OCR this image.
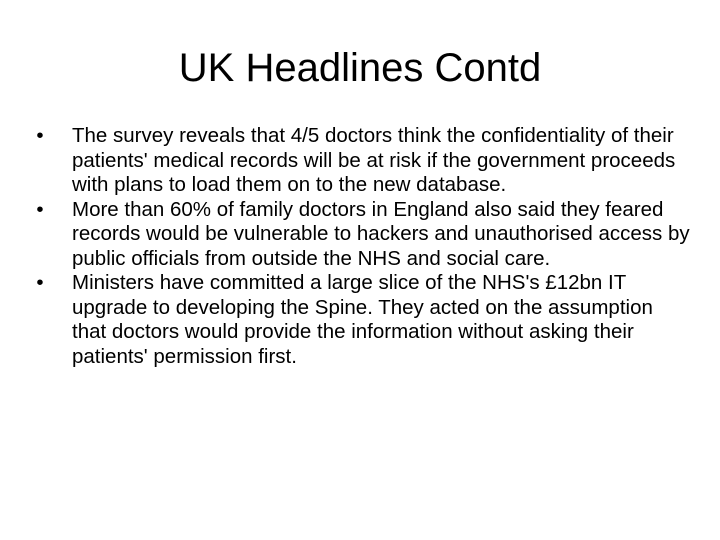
UK Headlines Contd
•	The survey reveals that 4/5 doctors think the confidentiality of their patients' medical records will be at risk if the government proceeds with plans to load them on to the new database.
•	More than 60% of family doctors in England also said they feared records would be vulnerable to hackers and unauthorised access by public officials from outside the NHS and social care.
•	Ministers have committed a large slice of the NHS's £12bn IT upgrade to developing the Spine. They acted on the assumption that doctors would provide the information without asking their patients' permission first.
